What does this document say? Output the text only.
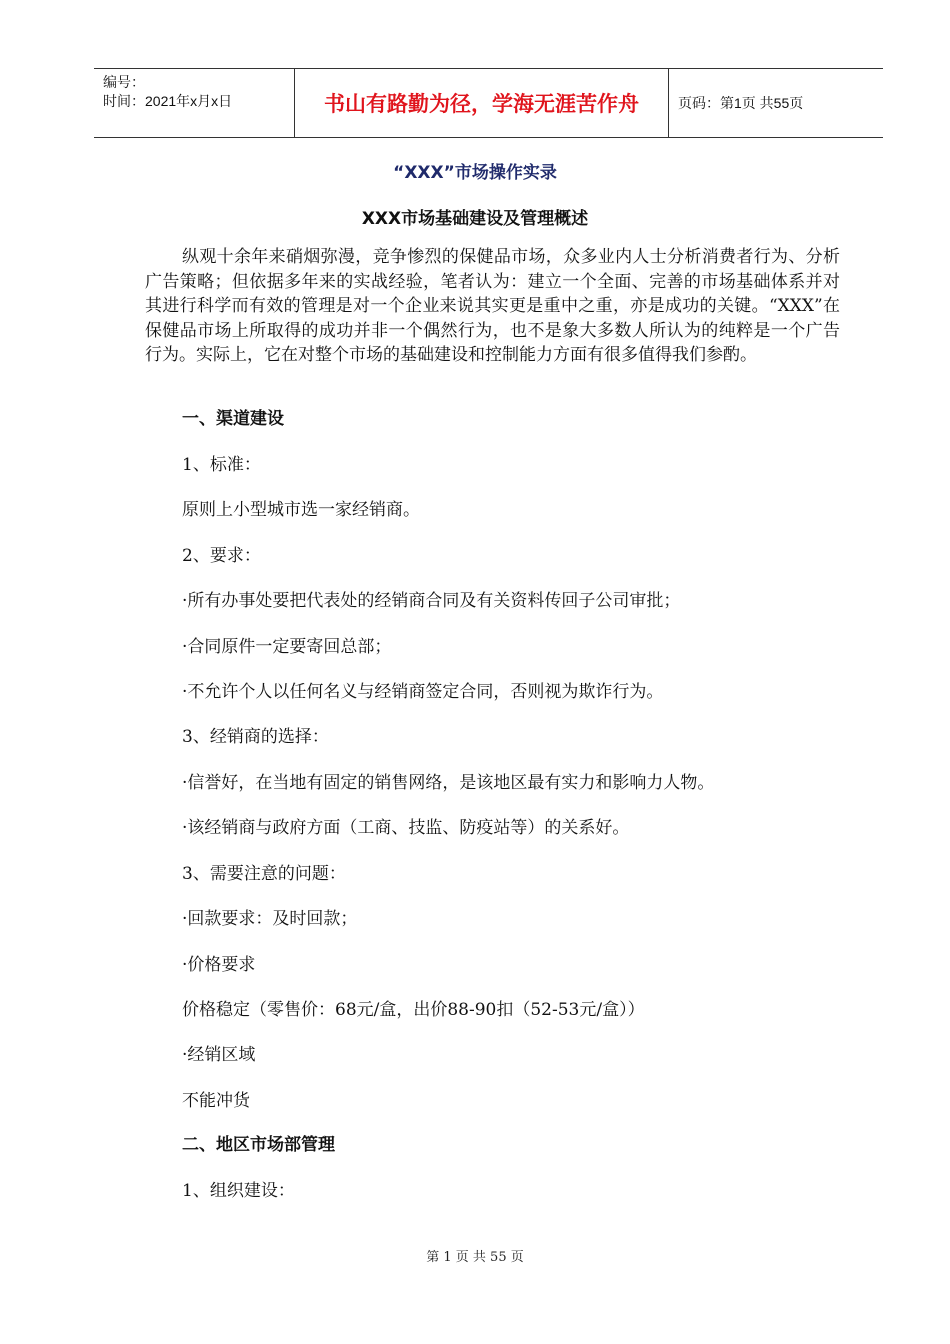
编号：
时间：2021年x月x日	书山有路勤为径，学海无涯苦作舟	页码：第1页 共55页
“XXX”市场操作实录
XXX市场基础建设及管理概述

纵观十余年来硝烟弥漫，竞争惨烈的保健品市场，众多业内人士分析消费者行为、分析广告策略；但依据多年来的实战经验，笔者认为：建立一个全面、完善的市场基础体系并对其进行科学而有效的管理是对一个企业来说其实更是重中之重，亦是成功的关键。“XXX”在保健品市场上所取得的成功并非一个偶然行为，也不是象大多数人所认为的纯粹是一个广告行为。实际上，它在对整个市场的基础建设和控制能力方面有很多值得我们参酌。

一、渠道建设
1、标准：
原则上小型城市选一家经销商。
2、要求：
·所有办事处要把代表处的经销商合同及有关资料传回子公司审批；
·合同原件一定要寄回总部；
·不允许个人以任何名义与经销商签定合同，否则视为欺诈行为。
3、经销商的选择：
·信誉好，在当地有固定的销售网络，是该地区最有实力和影响力人物。
·该经销商与政府方面（工商、技监、防疫站等）的关系好。
3、需要注意的问题：
·回款要求：及时回款；
·价格要求
价格稳定（零售价：68元/盒，出价88-90扣（52-53元/盒））
·经销区域
不能冲货
二、地区市场部管理
1、组织建设：
第 1 页 共 55 页
